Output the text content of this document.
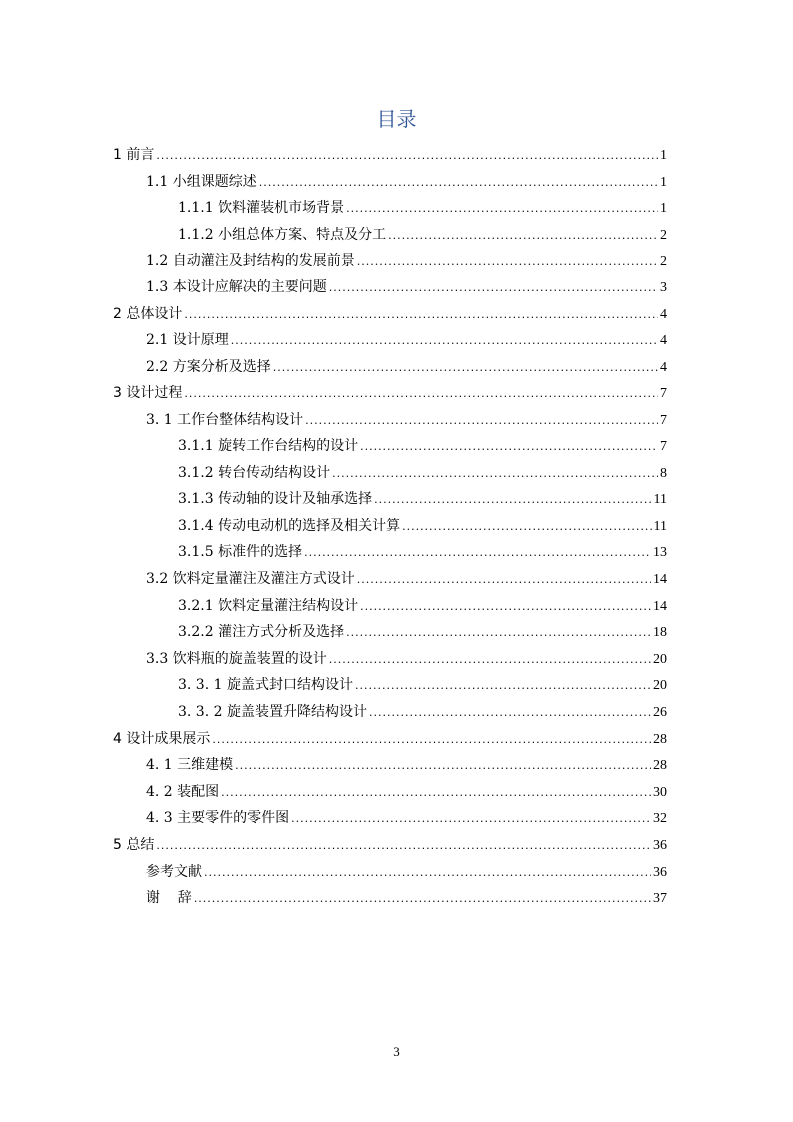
目录
1 前言 .....	1
1.1 小组课题综述 .....	1
1.1.1 饮料灌装机市场背景 .....	1
1.1.2 小组总体方案、特点及分工 .....	2
1.2 自动灌注及封结构的发展前景 .....	2
1.3 本设计应解决的主要问题 .....	3
2 总体设计 .....	4
2.1 设计原理 .....	4
2.2 方案分析及选择 .....	4
3 设计过程 .....	7
3. 1 工作台整体结构设计 .....	7
3.1.1 旋转工作台结构的设计 .....	7
3.1.2 转台传动结构设计 .....	8
3.1.3 传动轴的设计及轴承选择 .....	11
3.1.4 传动电动机的选择及相关计算 .....	11
3.1.5 标准件的选择 .....	13
3.2 饮料定量灌注及灌注方式设计 .....	14
3.2.1 饮料定量灌注结构设计 .....	14
3.2.2 灌注方式分析及选择 .....	18
3.3 饮料瓶的旋盖装置的设计 .....	20
3. 3. 1 旋盖式封口结构设计 .....	20
3. 3. 2 旋盖装置升降结构设计 .....	26
4 设计成果展示 .....	28
4. 1 三维建模 .....	28
4. 2 装配图 .....	30
4. 3 主要零件的零件图 .....	32
5 总结 .....	36
参考文献 .....	36
谢    辞 .....	37
3
